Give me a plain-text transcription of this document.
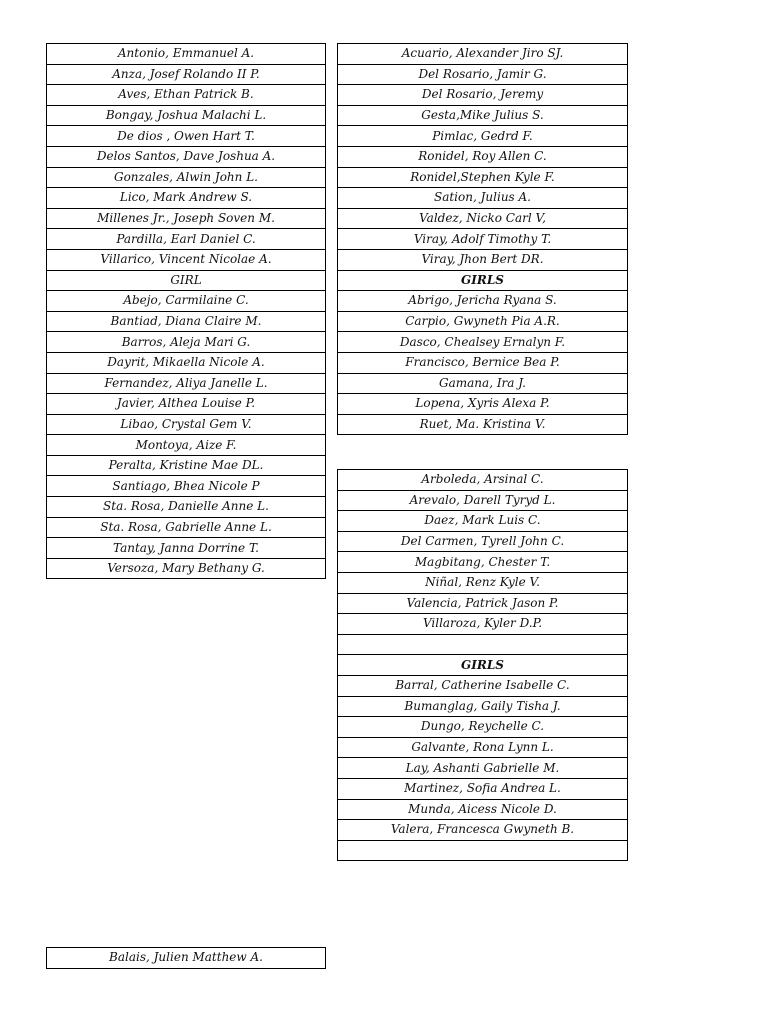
Antonio, Emmanuel A.
Anza, Josef Rolando II P.
Aves, Ethan Patrick B.
Bongay, Joshua Malachi L.
De dios , Owen Hart T.
Delos Santos, Dave Joshua A.
Gonzales, Alwin John L.
Lico, Mark Andrew S.
Millenes Jr., Joseph Soven M.
Pardilla, Earl Daniel C.
Villarico, Vincent Nicolae A.
GIRL
Abejo, Carmilaine C.
Bantiad, Diana Claire M.
Barros, Aleja Mari G.
Dayrit, Mikaella Nicole A.
Fernandez, Aliya Janelle L.
Javier, Althea Louise P.
Libao, Crystal Gem V.
Montoya, Aize F.
Peralta, Kristine Mae DL.
Santiago, Bhea Nicole P
Sta. Rosa, Danielle Anne L.
Sta. Rosa, Gabrielle Anne L.
Tantay, Janna Dorrine T.
Versoza, Mary Bethany G.
Acuario, Alexander Jiro SJ.
Del Rosario, Jamir G.
Del Rosario, Jeremy
Gesta,Mike Julius S.
Pimlac, Gedrd F.
Ronidel, Roy Allen C.
Ronidel,Stephen Kyle F.
Sation, Julius A.
Valdez, Nicko Carl V,
Viray, Adolf Timothy T.
Viray, Jhon Bert DR.
GIRLS
Abrigo, Jericha Ryana S.
Carpio, Gwyneth Pia A.R.
Dasco, Chealsey Ernalyn F.
Francisco, Bernice Bea P.
Gamana, Ira J.
Lopena, Xyris Alexa P.
Ruet, Ma. Kristina V.
Arboleda, Arsinal C.
Arevalo, Darell Tyryd L.
Daez, Mark Luis C.
Del Carmen, Tyrell John C.
Magbitang, Chester T.
Niñal, Renz Kyle V.
Valencia, Patrick Jason P.
Villaroza, Kyler D.P.

GIRLS
Barral, Catherine Isabelle C.
Bumanglag, Gaily Tisha J.
Dungo, Reychelle C.
Galvante, Rona Lynn L.
Lay, Ashanti Gabrielle M.
Martinez, Sofia Andrea L.
Munda, Aicess Nicole D.
Valera, Francesca Gwyneth B.

Balais, Julien Matthew A.
